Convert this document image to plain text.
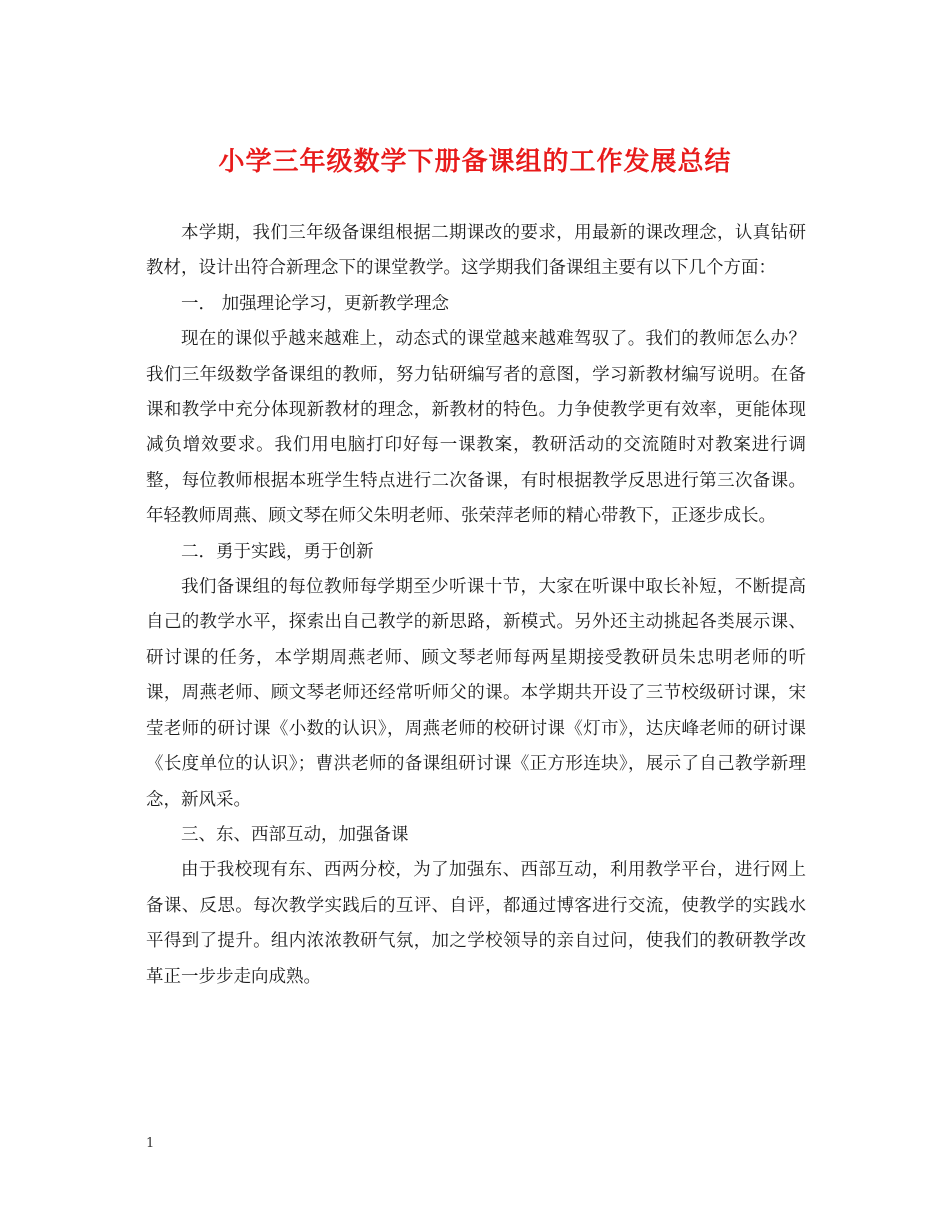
小学三年级数学下册备课组的工作发展总结

本学期，我们三年级备课组根据二期课改的要求，用最新的课改理念，认真钻研教材，设计出符合新理念下的课堂教学。这学期我们备课组主要有以下几个方面：

一． 加强理论学习，更新教学理念

现在的课似乎越来越难上，动态式的课堂越来越难驾驭了。我们的教师怎么办？我们三年级数学备课组的教师，努力钻研编写者的意图，学习新教材编写说明。在备课和教学中充分体现新教材的理念，新教材的特色。力争使教学更有效率，更能体现减负增效要求。我们用电脑打印好每一课教案，教研活动的交流随时对教案进行调整，每位教师根据本班学生特点进行二次备课，有时根据教学反思进行第三次备课。年轻教师周燕、顾文琴在师父朱明老师、张荣萍老师的精心带教下，正逐步成长。

二．勇于实践，勇于创新

我们备课组的每位教师每学期至少听课十节，大家在听课中取长补短，不断提高自己的教学水平，探索出自己教学的新思路，新模式。另外还主动挑起各类展示课、研讨课的任务，本学期周燕老师、顾文琴老师每两星期接受教研员朱忠明老师的听课，周燕老师、顾文琴老师还经常听师父的课。本学期共开设了三节校级研讨课，宋莹老师的研讨课《小数的认识》，周燕老师的校研讨课《灯市》，达庆峰老师的研讨课《长度单位的认识》；曹洪老师的备课组研讨课《正方形连块》，展示了自己教学新理念，新风采。

三、东、西部互动，加强备课

由于我校现有东、西两分校，为了加强东、西部互动，利用教学平台，进行网上备课、反思。每次教学实践后的互评、自评，都通过博客进行交流，使教学的实践水平得到了提升。组内浓浓教研气氛，加之学校领导的亲自过问，使我们的教研教学改革正一步步走向成熟。

1
